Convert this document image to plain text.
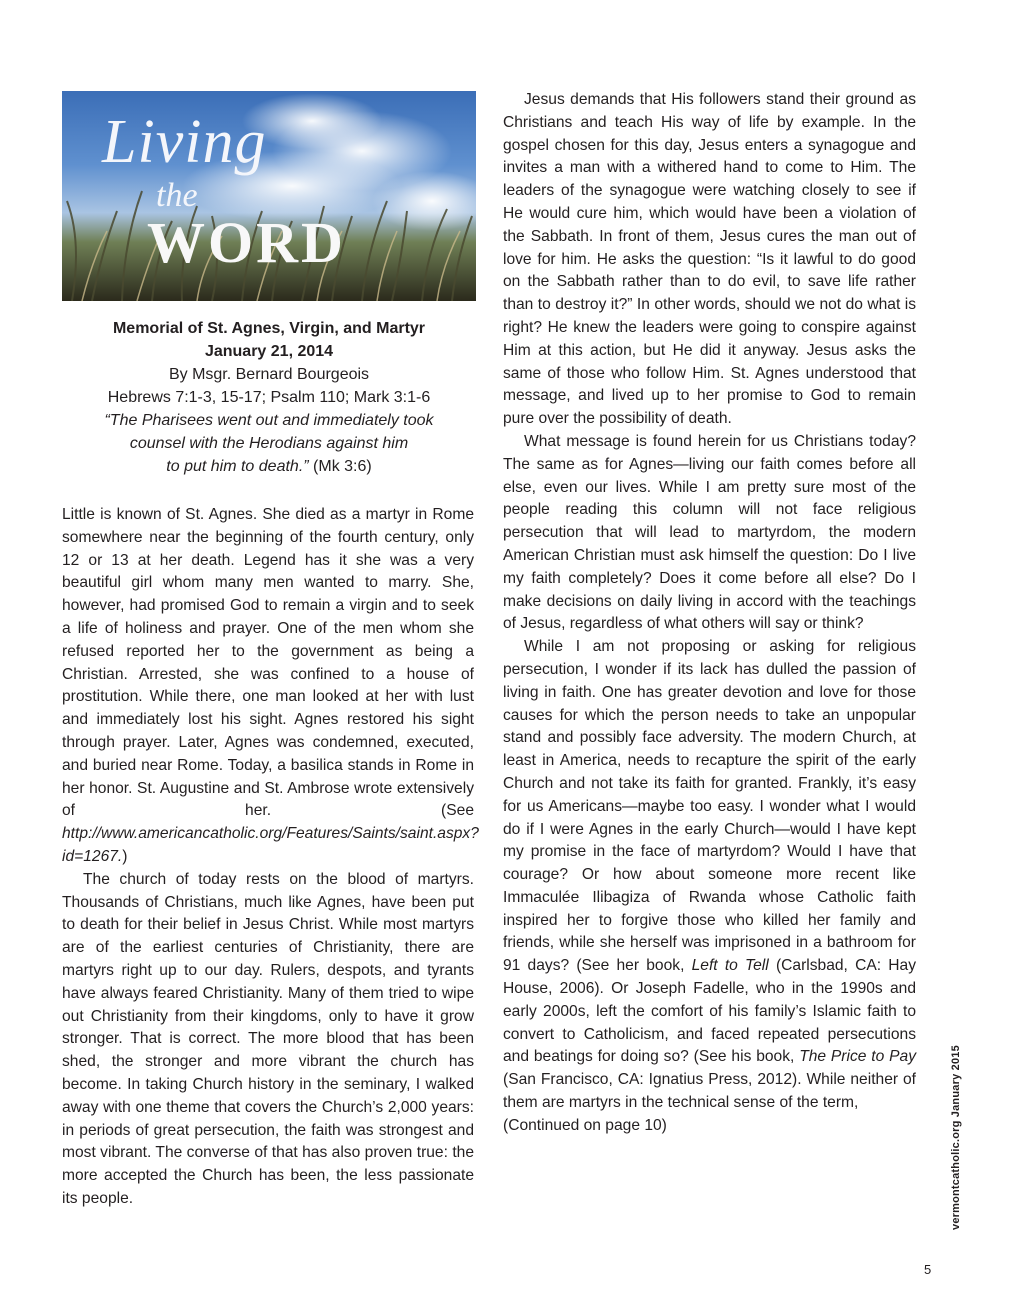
Living
the
WORD
Memorial of St. Agnes, Virgin, and Martyr
January 21, 2014
By Msgr. Bernard Bourgeois
Hebrews 7:1-3, 15-17; Psalm 110; Mark 3:1-6
“The Pharisees went out and immediately took
counsel with the Herodians against him
to put him to death.” (Mk 3:6)

Little is known of St. Agnes. She died as a martyr in Rome somewhere near the beginning of the fourth century, only 12 or 13 at her death. Legend has it she was a very beautiful girl whom many men wanted to marry. She, however, had promised God to remain a virgin and to seek a life of holiness and prayer. One of the men whom she refused reported her to the government as being a Christian. Arrested, she was confined to a house of prostitution. While there, one man looked at her with lust and immediately lost his sight. Agnes restored his sight through prayer. Later, Agnes was condemned, executed, and buried near Rome. Today, a basilica stands in Rome in her honor. St. Augustine and St. Ambrose wrote extensively of her. (See http://www.americancatholic.org/Features/Saints/saint.aspx?id=1267.)

The church of today rests on the blood of martyrs. Thousands of Christians, much like Agnes, have been put to death for their belief in Jesus Christ. While most martyrs are of the earliest centuries of Christianity, there are martyrs right up to our day. Rulers, despots, and tyrants have always feared Christianity. Many of them tried to wipe out Christianity from their kingdoms, only to have it grow stronger. That is correct. The more blood that has been shed, the stronger and more vibrant the church has become. In taking Church history in the seminary, I walked away with one theme that covers the Church’s 2,000 years: in periods of great persecution, the faith was strongest and most vibrant. The converse of that has also proven true: the more accepted the Church has been, the less passionate its people.

Jesus demands that His followers stand their ground as Christians and teach His way of life by example. In the gospel chosen for this day, Jesus enters a synagogue and invites a man with a withered hand to come to Him. The leaders of the synagogue were watching closely to see if He would cure him, which would have been a violation of the Sabbath. In front of them, Jesus cures the man out of love for him. He asks the question: “Is it lawful to do good on the Sabbath rather than to do evil, to save life rather than to destroy it?” In other words, should we not do what is right? He knew the leaders were going to conspire against Him at this action, but He did it anyway. Jesus asks the same of those who follow Him. St. Agnes understood that message, and lived up to her promise to God to remain pure over the possibility of death.

What message is found herein for us Christians today? The same as for Agnes—living our faith comes before all else, even our lives. While I am pretty sure most of the people reading this column will not face religious persecution that will lead to martyrdom, the modern American Christian must ask himself the question: Do I live my faith completely? Does it come before all else? Do I make decisions on daily living in accord with the teachings of Jesus, regardless of what others will say or think?

While I am not proposing or asking for religious persecution, I wonder if its lack has dulled the passion of living in faith. One has greater devotion and love for those causes for which the person needs to take an unpopular stand and possibly face adversity. The modern Church, at least in America, needs to recapture the spirit of the early Church and not take its faith for granted. Frankly, it’s easy for us Americans—maybe too easy. I wonder what I would do if I were Agnes in the early Church—would I have kept my promise in the face of martyrdom? Would I have that courage? Or how about someone more recent like Immaculée Ilibagiza of Rwanda whose Catholic faith inspired her to forgive those who killed her family and friends, while she herself was imprisoned in a bathroom for 91 days? (See her book, Left to Tell (Carlsbad, CA: Hay House, 2006). Or Joseph Fadelle, who in the 1990s and early 2000s, left the comfort of his family’s Islamic faith to convert to Catholicism, and faced repeated persecutions and beatings for doing so? (See his book, The Price to Pay (San Francisco, CA: Ignatius Press, 2012). While neither of them are martyrs in the technical sense of the term,

(Continued on page 10)	vermontcatholic.org January 2015
5
